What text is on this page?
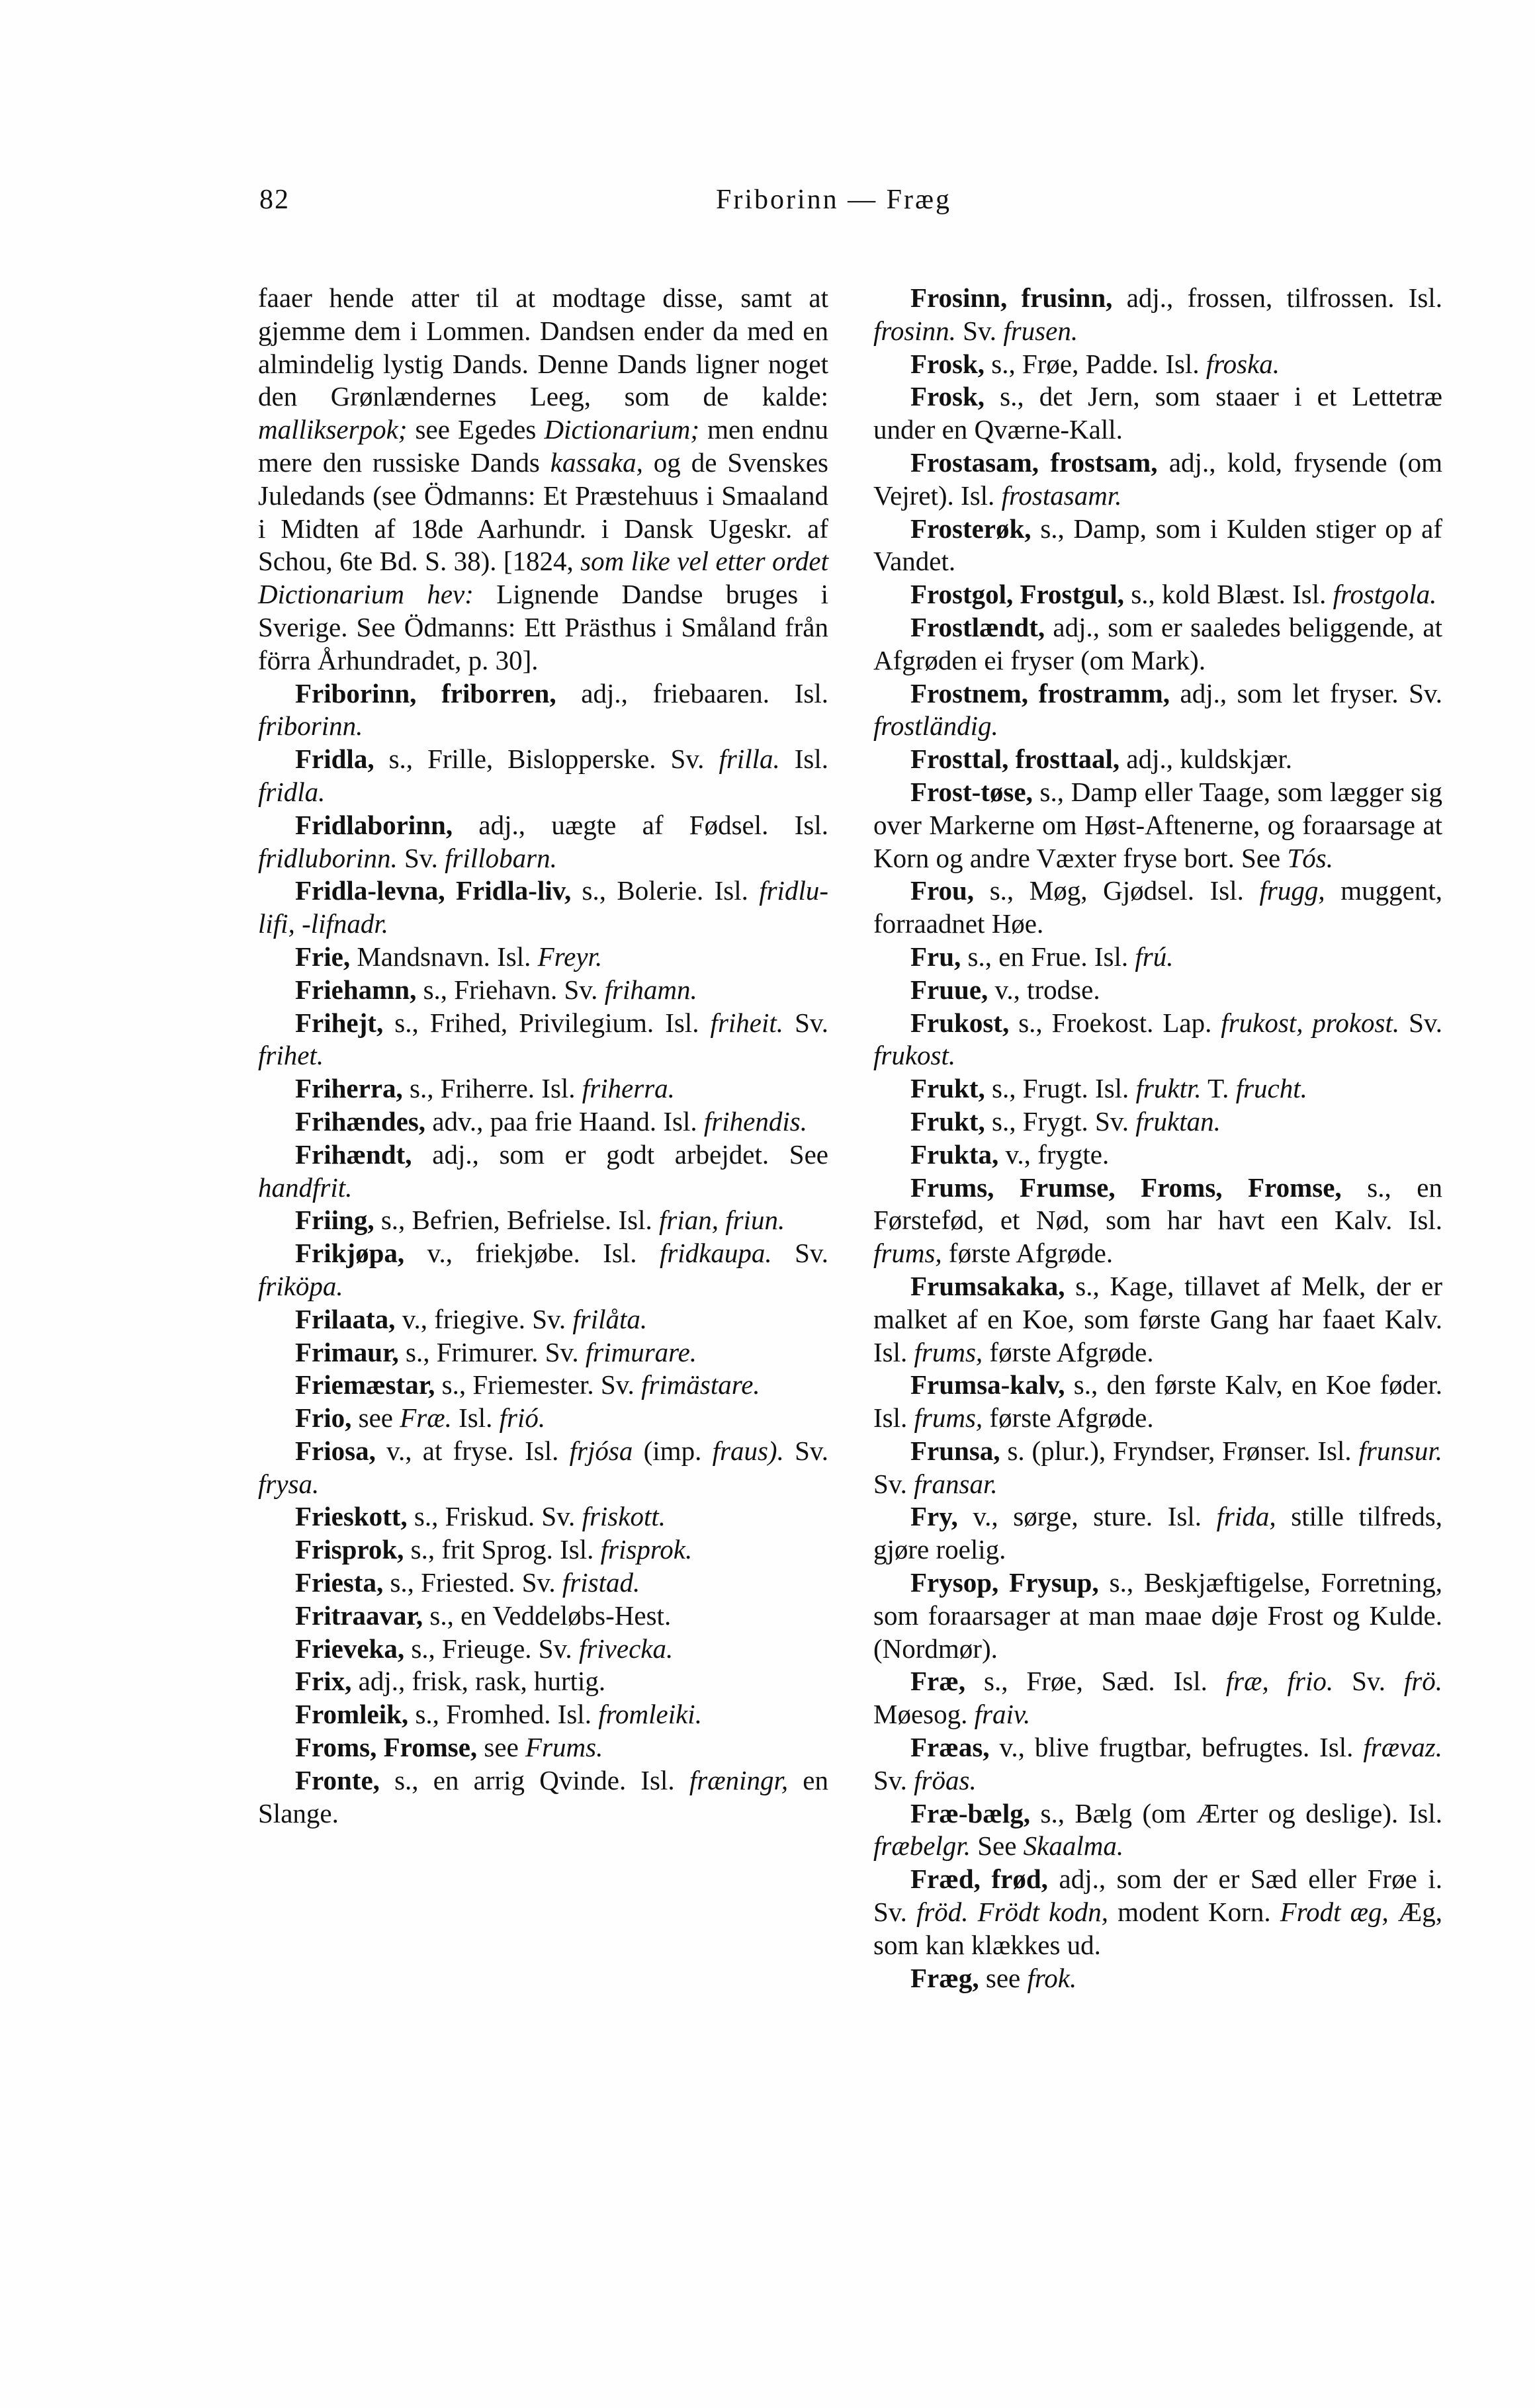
82	Friborinn — Fræg

faaer hende atter til at modtage disse, samt at gjemme dem i Lommen. Dandsen ender da med en almindelig lystig Dands. Denne Dands ligner noget den Grønlændernes Leeg, som de kalde: mallikserpok; see Egedes Dictionarium; men endnu mere den russiske Dands kassaka, og de Svenskes Juledands (see Ödmanns: Et Præstehuus i Smaaland i Midten af 18de Aarhundr. i Dansk Ugeskr. af Schou, 6te Bd. S. 38). [1824, som like vel etter ordet Dictionarium hev: Lignende Dandse bruges i Sverige. See Ödmanns: Ett Prästhus i Småland från förra Århundradet, p. 30].

Friborinn, friborren, adj., friebaaren. Isl. friborinn.

Fridla, s., Frille, Bislopperske. Sv. frilla. Isl. fridla.

Fridlaborinn, adj., uægte af Fødsel. Isl. fridluborinn. Sv. frillobarn.

Fridla-levna, Fridla-liv, s., Bolerie. Isl. fridlu-lifi, -lifnadr.

Frie, Mandsnavn. Isl. Freyr.

Friehamn, s., Friehavn. Sv. frihamn.

Frihejt, s., Frihed, Privilegium. Isl. friheit. Sv. frihet.

Friherra, s., Friherre. Isl. friherra.

Frihændes, adv., paa frie Haand. Isl. frihendis.

Frihændt, adj., som er godt arbejdet. See handfrit.

Friing, s., Befrien, Befrielse. Isl. frian, friun.

Frikjøpa, v., friekjøbe. Isl. fridkaupa. Sv. friköpa.

Frilaata, v., friegive. Sv. frilåta.

Frimaur, s., Frimurer. Sv. frimurare.

Friemæstar, s., Friemester. Sv. frimästare.

Frio, see Fræ. Isl. frió.

Friosa, v., at fryse. Isl. frjósa (imp. fraus). Sv. frysa.

Frieskott, s., Friskud. Sv. friskott.

Frisprok, s., frit Sprog. Isl. frisprok.

Friesta, s., Friested. Sv. fristad.

Fritraavar, s., en Veddeløbs-Hest.

Frieveka, s., Frieuge. Sv. frivecka.

Frix, adj., frisk, rask, hurtig.

Fromleik, s., Fromhed. Isl. fromleiki.

Froms, Fromse, see Frums.

Fronte, s., en arrig Qvinde. Isl. fræningr, en Slange.

Frosinn, frusinn, adj., frossen, tilfrossen. Isl. frosinn. Sv. frusen.

Frosk, s., Frøe, Padde. Isl. froska.

Frosk, s., det Jern, som staaer i et Lettetræ under en Qværne-Kall.

Frostasam, frostsam, adj., kold, frysende (om Vejret). Isl. frostasamr.

Frosterøk, s., Damp, som i Kulden stiger op af Vandet.

Frostgol, Frostgul, s., kold Blæst. Isl. frostgola.

Frostlændt, adj., som er saaledes beliggende, at Afgrøden ei fryser (om Mark).

Frostnem, frostramm, adj., som let fryser. Sv. frostländig.

Frosttal, frosttaal, adj., kuldskjær.

Frost-tøse, s., Damp eller Taage, som lægger sig over Markerne om Høst-Aftenerne, og foraarsage at Korn og andre Væxter fryse bort. See Tós.

Frou, s., Møg, Gjødsel. Isl. frugg, muggent, forraadnet Høe.

Fru, s., en Frue. Isl. frú.

Fruue, v., trodse.

Frukost, s., Froekost. Lap. frukost, prokost. Sv. frukost.

Frukt, s., Frugt. Isl. fruktr. T. frucht.

Frukt, s., Frygt. Sv. fruktan.

Frukta, v., frygte.

Frums, Frumse, Froms, Fromse, s., en Førstefød, et Nød, som har havt een Kalv. Isl. frums, første Afgrøde.

Frumsakaka, s., Kage, tillavet af Melk, der er malket af en Koe, som første Gang har faaet Kalv. Isl. frums, første Afgrøde.

Frumsa-kalv, s., den første Kalv, en Koe føder. Isl. frums, første Afgrøde.

Frunsa, s. (plur.), Fryndser, Frønser. Isl. frunsur. Sv. fransar.

Fry, v., sørge, sture. Isl. frida, stille tilfreds, gjøre roelig.

Frysop, Frysup, s., Beskjæftigelse, Forretning, som foraarsager at man maae døje Frost og Kulde. (Nordmør).

Fræ, s., Frøe, Sæd. Isl. fræ, frio. Sv. frö. Møesog. fraiv.

Fræas, v., blive frugtbar, befrugtes. Isl. frævaz. Sv. fröas.

Fræ-bælg, s., Bælg (om Ærter og deslige). Isl. fræbelgr. See Skaalma.

Fræd, frød, adj., som der er Sæd eller Frøe i. Sv. fröd. Frödt kodn, modent Korn. Frodt æg, Æg, som kan klækkes ud.

Fræg, see frok.
